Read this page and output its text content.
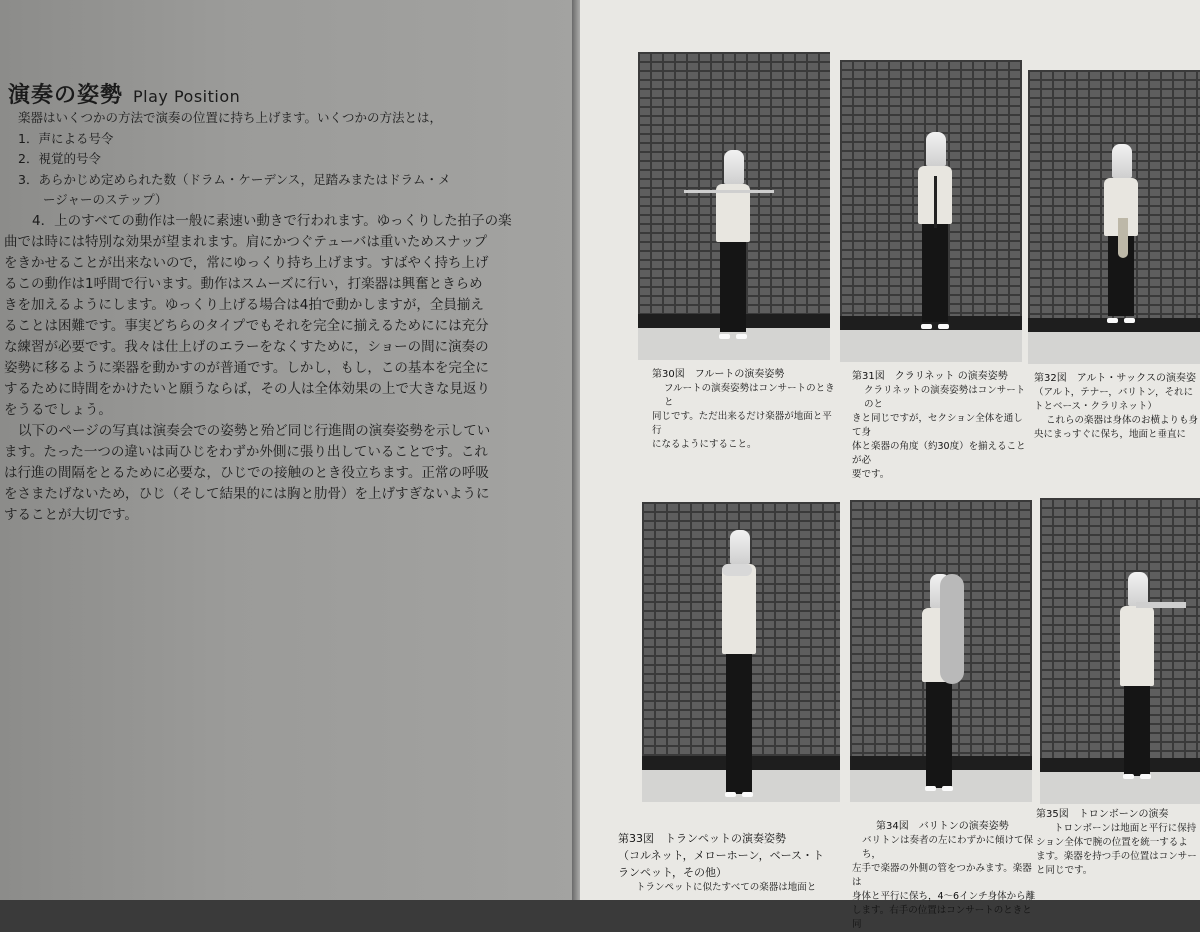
演奏の姿勢 Play Position

楽器はいくつかの方法で演奏の位置に持ち上げます。いくつかの方法とは，

1．声による号令

2．視覚的号令

3．あらかじめ定められた数（ドラム・ケーデンス，足踏みまたはドラム・メ

　　ージャーのステップ）

4．上のすべての動作は一般に素速い動きで行われます。ゆっくりした拍子の楽

曲では時には特別な効果が望まれます。肩にかつぐテューバは重いためスナップ

をきかせることが出来ないので，常にゆっくり持ち上げます。すばやく持ち上げ

るこの動作は1呼間で行います。動作はスムーズに行い，打楽器は興奮ときらめ

きを加えるようにします。ゆっくり上げる場合は4拍で動かしますが，全員揃え

ることは困難です。事実どちらのタイプでもそれを完全に揃えるためにには充分

な練習が必要です。我々は仕上げのエラーをなくすために，ショーの間に演奏の

姿勢に移るように楽器を動かすのが普通です。しかし，もし，この基本を完全に

するために時間をかけたいと願うならば，その人は全体効果の上で大きな見返り

をうるでしょう。

以下のページの写真は演奏会での姿勢と殆ど同じ行進間の演奏姿勢を示してい

ます。たった一つの違いは両ひじをわずか外側に張り出していることです。これ

は行進の間隔をとるために必要な，ひじでの接触のとき役立ちます。正常の呼吸

をさまたげないため，ひじ（そして結果的には胸と肋骨）を上げすぎないように

することが大切です。

第30図　フルートの演奏姿勢
フルートの演奏姿勢はコンサートのときと
同じです。ただ出来るだけ楽器が地面と平行
になるようにすること。
第31図　クラリネット の演奏姿勢
クラリネットの演奏姿勢はコンサートのと
きと同じですが，セクション全体を通して身
体と楽器の角度（約30度）を揃えることが必
要です。
第32図　アルト・サックスの演奏姿
（アルト，テナー，バリトン，それに
トとベース・クラリネット）
これらの楽器は身体のお横よりも身
央にまっすぐに保ち，地面と垂直に
第33図　トランペットの演奏姿勢
（コルネット，メローホーン，ベース・ト
ランペット，その他）
トランペットに似たすべての楽器は地面と
第34図　バリトンの演奏姿勢
バリトンは奏者の左にわずかに傾けて保ち，
左手で楽器の外側の管をつかみます。楽器は
身体と平行に保ち，4～6インチ身体から離
します。右手の位置はコンサートのときと同
第35図　トロンボーンの演奏
トロンボーンは地面と平行に保持
ション全体で腕の位置を統一するよ
ます。楽器を持つ手の位置はコンサー
と同じです。
